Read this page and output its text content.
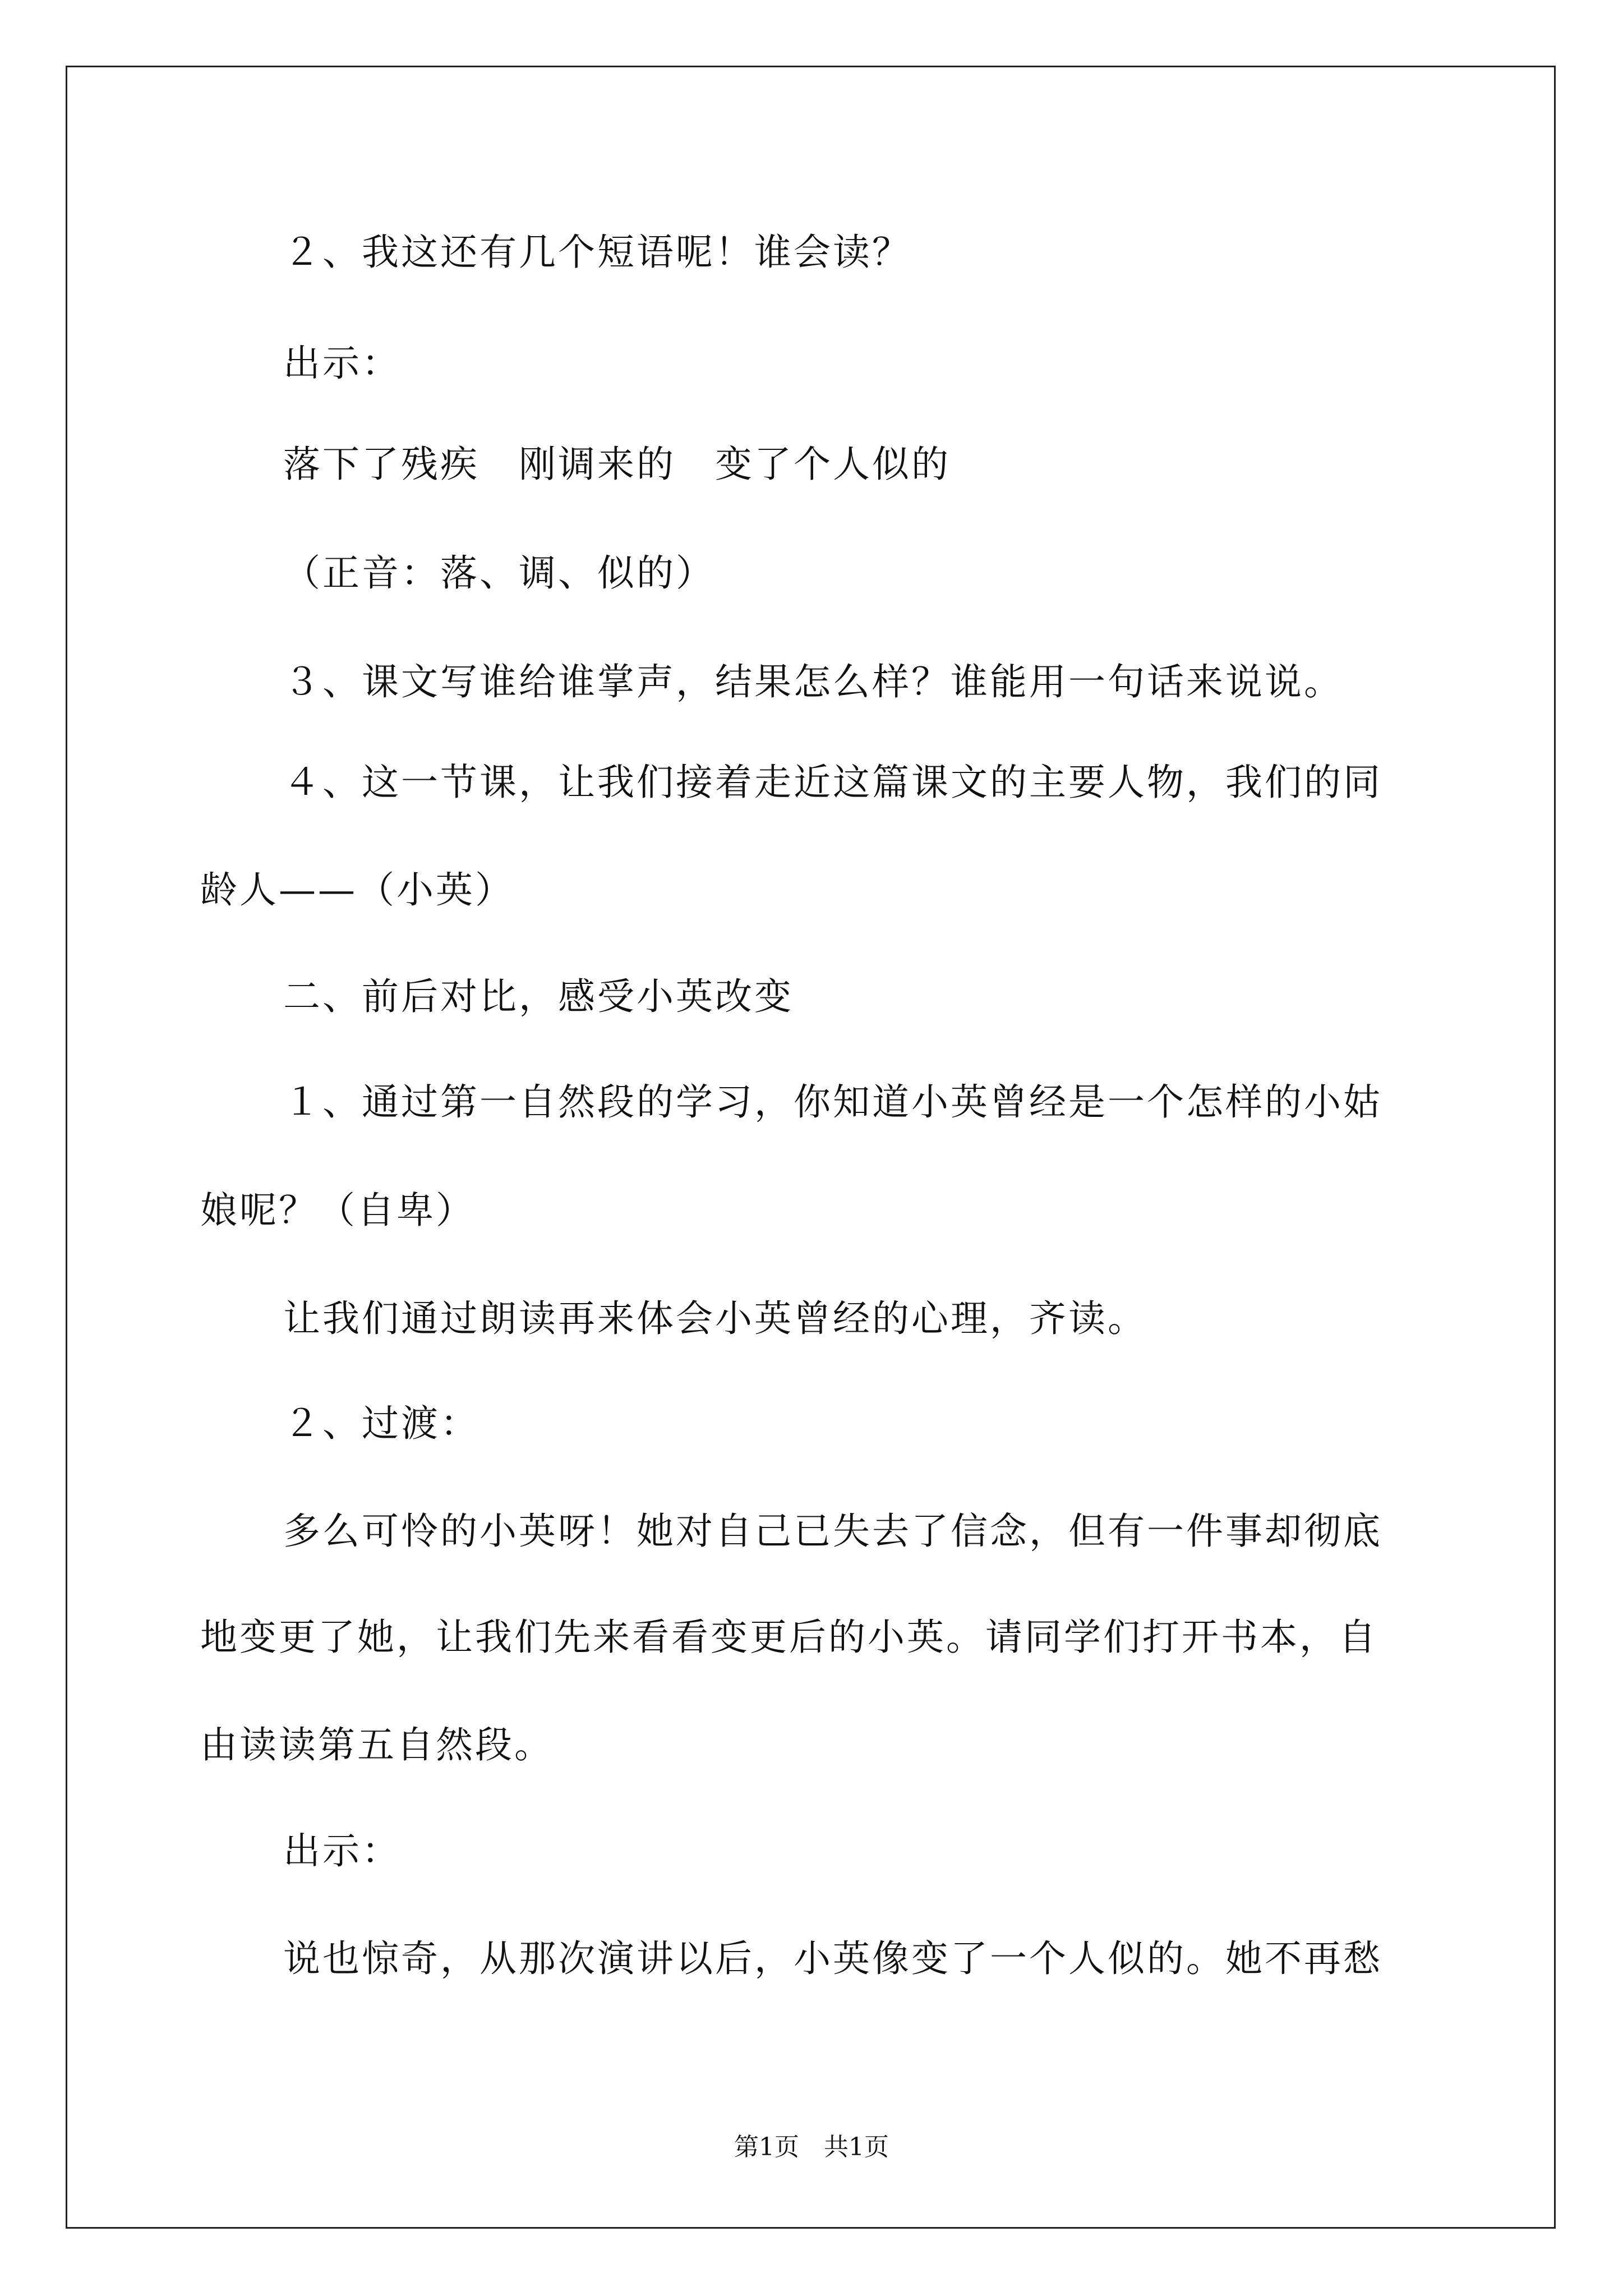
２、我这还有几个短语呢！谁会读？
出示：
落下了残疾　刚调来的　变了个人似的
（正音：落、调、似的）
３、课文写谁给谁掌声，结果怎么样？谁能用一句话来说说。
４、这一节课，让我们接着走近这篇课文的主要人物，我们的同
龄人——（小英）
二、前后对比，感受小英改变
１、通过第一自然段的学习，你知道小英曾经是一个怎样的小姑
娘呢？（自卑）
让我们通过朗读再来体会小英曾经的心理，齐读。
２、过渡：
多么可怜的小英呀！她对自己已失去了信念，但有一件事却彻底
地变更了她，让我们先来看看变更后的小英。请同学们打开书本，自
由读读第五自然段。
出示：
说也惊奇，从那次演讲以后，小英像变了一个人似的。她不再愁
第1页　共1页
